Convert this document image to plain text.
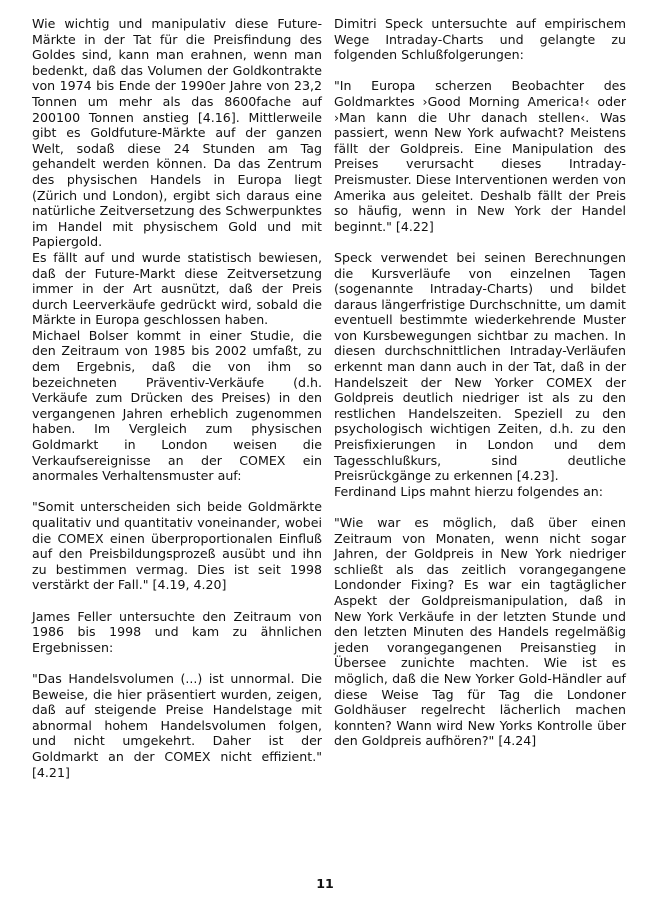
Wie wichtig und manipulativ diese Future-Märkte in der Tat für die Preisfindung des Goldes sind, kann man erahnen, wenn man bedenkt, daß das Volumen der Goldkontrakte von 1974 bis Ende der 1990er Jahre von 23,2 Tonnen um mehr als das 8600fache auf 200100 Tonnen anstieg [4.16]. Mittlerweile gibt es Goldfuture-Märkte auf der ganzen Welt, sodaß diese 24 Stunden am Tag gehandelt werden können. Da das Zentrum des physischen Handels in Europa liegt (Zürich und London), ergibt sich daraus eine natürliche Zeitversetzung des Schwerpunktes im Handel mit physischem Gold und mit Papiergold.

Es fällt auf und wurde statistisch bewiesen, daß der Future-Markt diese Zeitversetzung immer in der Art ausnützt, daß der Preis durch Leerverkäufe gedrückt wird, sobald die Märkte in Europa geschlossen haben.

Michael Bolser kommt in einer Studie, die den Zeitraum von 1985 bis 2002 umfaßt, zu dem Ergebnis, daß die von ihm so bezeichneten Präventiv-Verkäufe (d.h. Verkäufe zum Drücken des Preises) in den vergangenen Jahren erheblich zugenommen haben. Im Vergleich zum physischen Goldmarkt in London weisen die Verkaufsereignisse an der COMEX ein anormales Verhaltensmuster auf:

"Somit unterscheiden sich beide Goldmärkte qualitativ und quantitativ voneinander, wobei die COMEX einen überproportionalen Einfluß auf den Preisbildungsprozeß ausübt und ihn zu bestimmen vermag. Dies ist seit 1998 verstärkt der Fall." [4.19, 4.20]

James Feller untersuchte den Zeitraum von 1986 bis 1998 und kam zu ähnlichen Ergebnissen:

"Das Handelsvolumen (...) ist unnormal. Die Beweise, die hier präsentiert wurden, zeigen, daß auf steigende Preise Handelstage mit abnormal hohem Handelsvolumen folgen, und nicht umgekehrt. Daher ist der Goldmarkt an der COMEX nicht effizient." [4.21]

Dimitri Speck untersuchte auf empirischem Wege Intraday-Charts und gelangte zu folgenden Schlußfolgerungen:

"In Europa scherzen Beobachter des Goldmarktes ›Good Morning America!‹ oder ›Man kann die Uhr danach stellen‹. Was passiert, wenn New York aufwacht? Meistens fällt der Goldpreis. Eine Manipulation des Preises verursacht dieses Intraday-Preismuster. Diese Interventionen werden von Amerika aus geleitet. Deshalb fällt der Preis so häufig, wenn in New York der Handel beginnt." [4.22]

Speck verwendet bei seinen Berechnungen die Kursverläufe von einzelnen Tagen (sogenannte Intraday-Charts) und bildet daraus längerfristige Durchschnitte, um damit eventuell bestimmte wiederkehrende Muster von Kursbewegungen sichtbar zu machen. In diesen durchschnittlichen Intraday-Verläufen erkennt man dann auch in der Tat, daß in der Handelszeit der New Yorker COMEX der Goldpreis deutlich niedriger ist als zu den restlichen Handelszeiten. Speziell zu den psychologisch wichtigen Zeiten, d.h. zu den Preisfixierungen in London und dem Tagesschlußkurs, sind deutliche Preisrückgänge zu erkennen [4.23].

Ferdinand Lips mahnt hierzu folgendes an:

"Wie war es möglich, daß über einen Zeitraum von Monaten, wenn nicht sogar Jahren, der Goldpreis in New York niedriger schließt als das zeitlich vorangegangene Londonder Fixing? Es war ein tagtäglicher Aspekt der Goldpreismanipulation, daß in New York Verkäufe in der letzten Stunde und den letzten Minuten des Handels regelmäßig jeden vorangegangenen Preisanstieg in Übersee zunichte machten. Wie ist es möglich, daß die New Yorker Gold-Händler auf diese Weise Tag für Tag die Londoner Goldhäuser regelrecht lächerlich machen konnten? Wann wird New Yorks Kontrolle über den Goldpreis aufhören?" [4.24]

11
